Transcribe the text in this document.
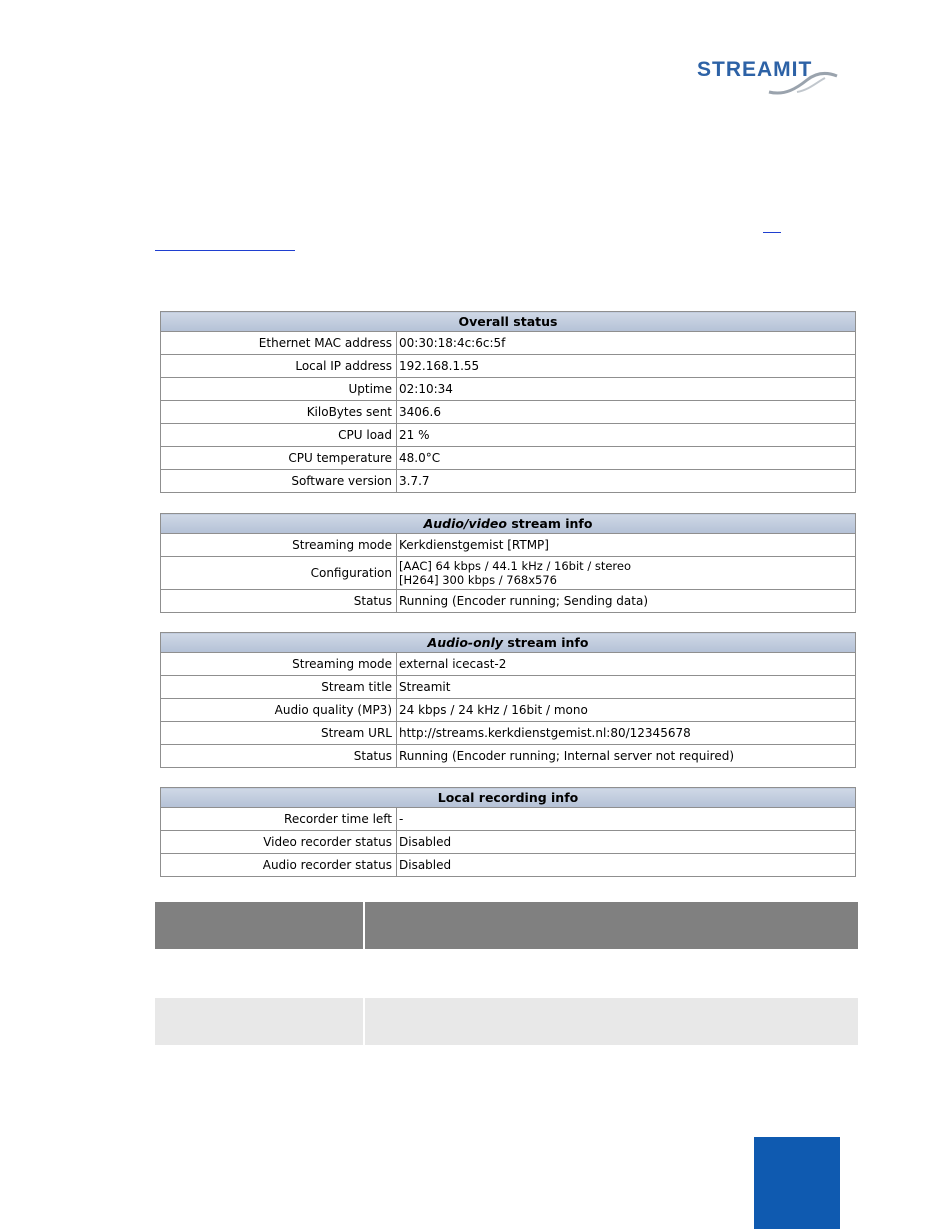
STREAMIT
Overall status	
Ethernet MAC address	00:30:18:4c:6c:5f
Local IP address	192.168.1.55
Uptime	02:10:34
KiloBytes sent	3406.6
CPU load	21 %
CPU temperature	48.0°C
Software version	3.7.7
Audio/video stream info	
Streaming mode	Kerkdienstgemist [RTMP]
Configuration	[AAC] 64 kbps / 44.1 kHz / 16bit / stereo
[H264] 300 kbps / 768x576

Status	Running (Encoder running; Sending data)
Audio-only stream info	
Streaming mode	external icecast-2
Stream title	Streamit
Audio quality (MP3)	24 kbps / 24 kHz / 16bit / mono
Stream URL	http://streams.kerkdienstgemist.nl:80/12345678
Status	Running (Encoder running; Internal server not required)
Local recording info	
Recorder time left	-
Video recorder status	Disabled
Audio recorder status	Disabled
